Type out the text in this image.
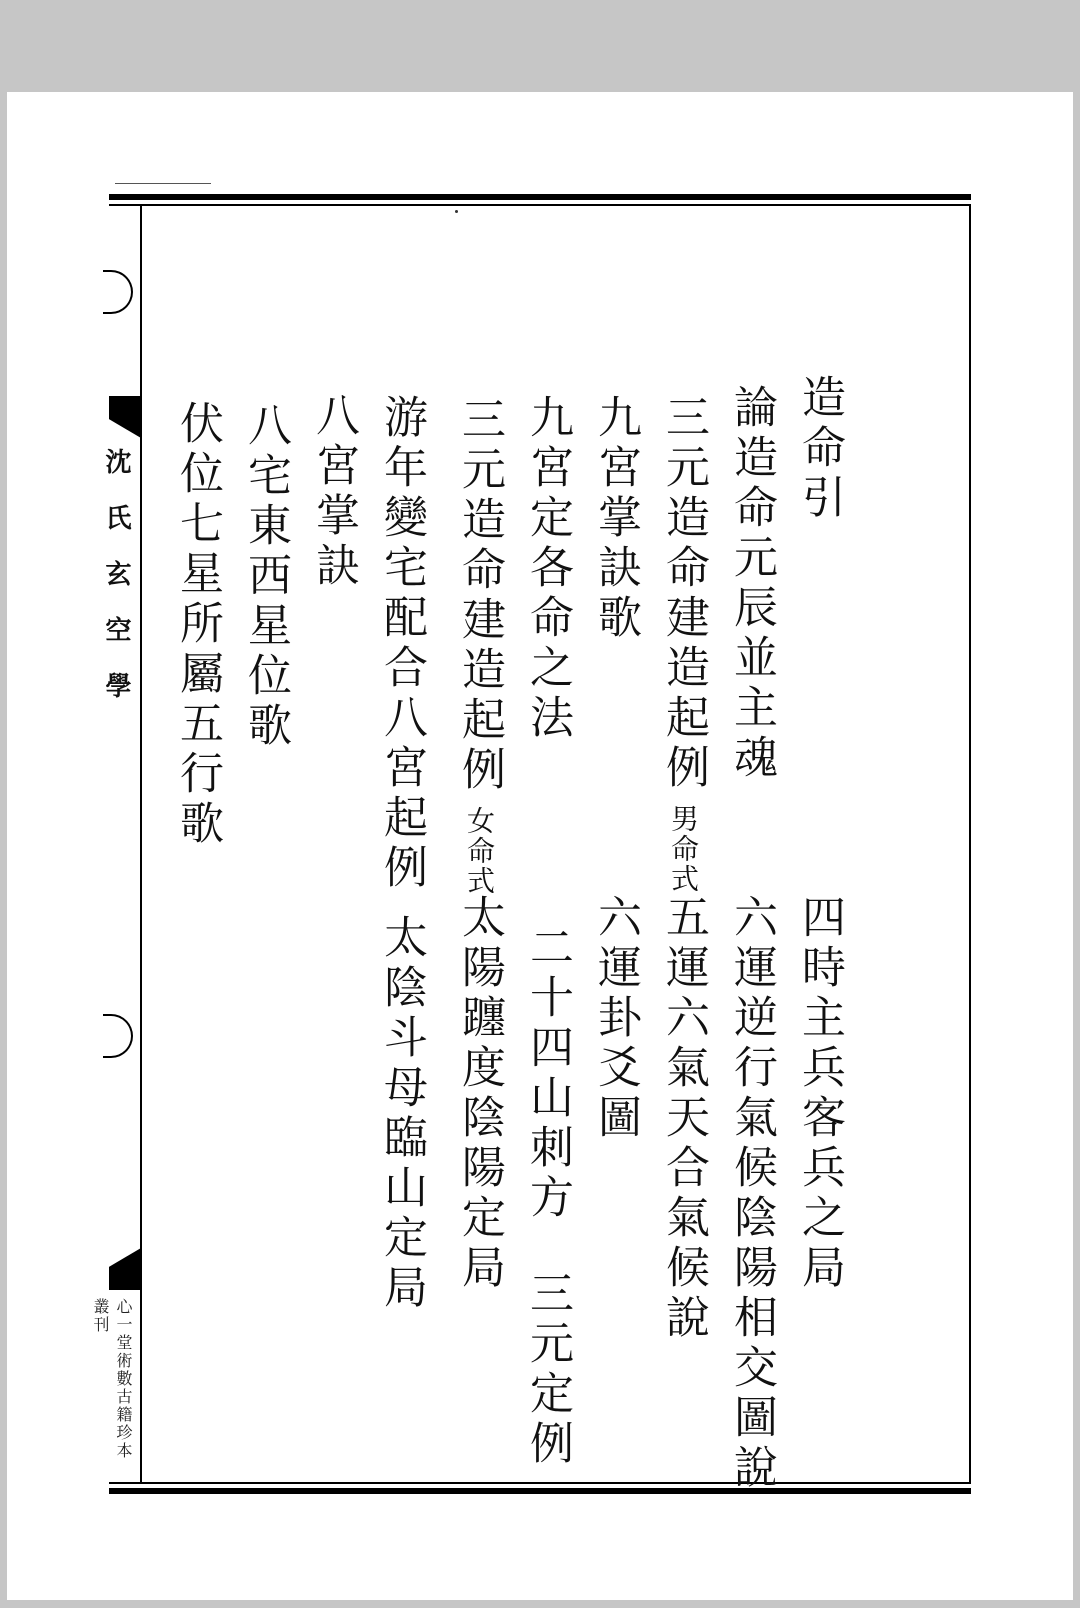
沈氏玄空學
心一堂術數古籍珍本叢刊
造命引
論造命元辰並主魂
三元造命建造起例男命式
九宮掌訣歌
九宮定各命之法
三元造命建造起例女命式
游年變宅配合八宮起例
八宮掌訣
八宅東西星位歌
伏位七星所屬五行歌
四時主兵客兵之局
六運逆行氣候陰陽相交圖說
五運六氣天合氣候說
六運卦爻圖
二十四山刺方三元定例
太陽躔度陰陽定局
太陰斗母臨山定局
